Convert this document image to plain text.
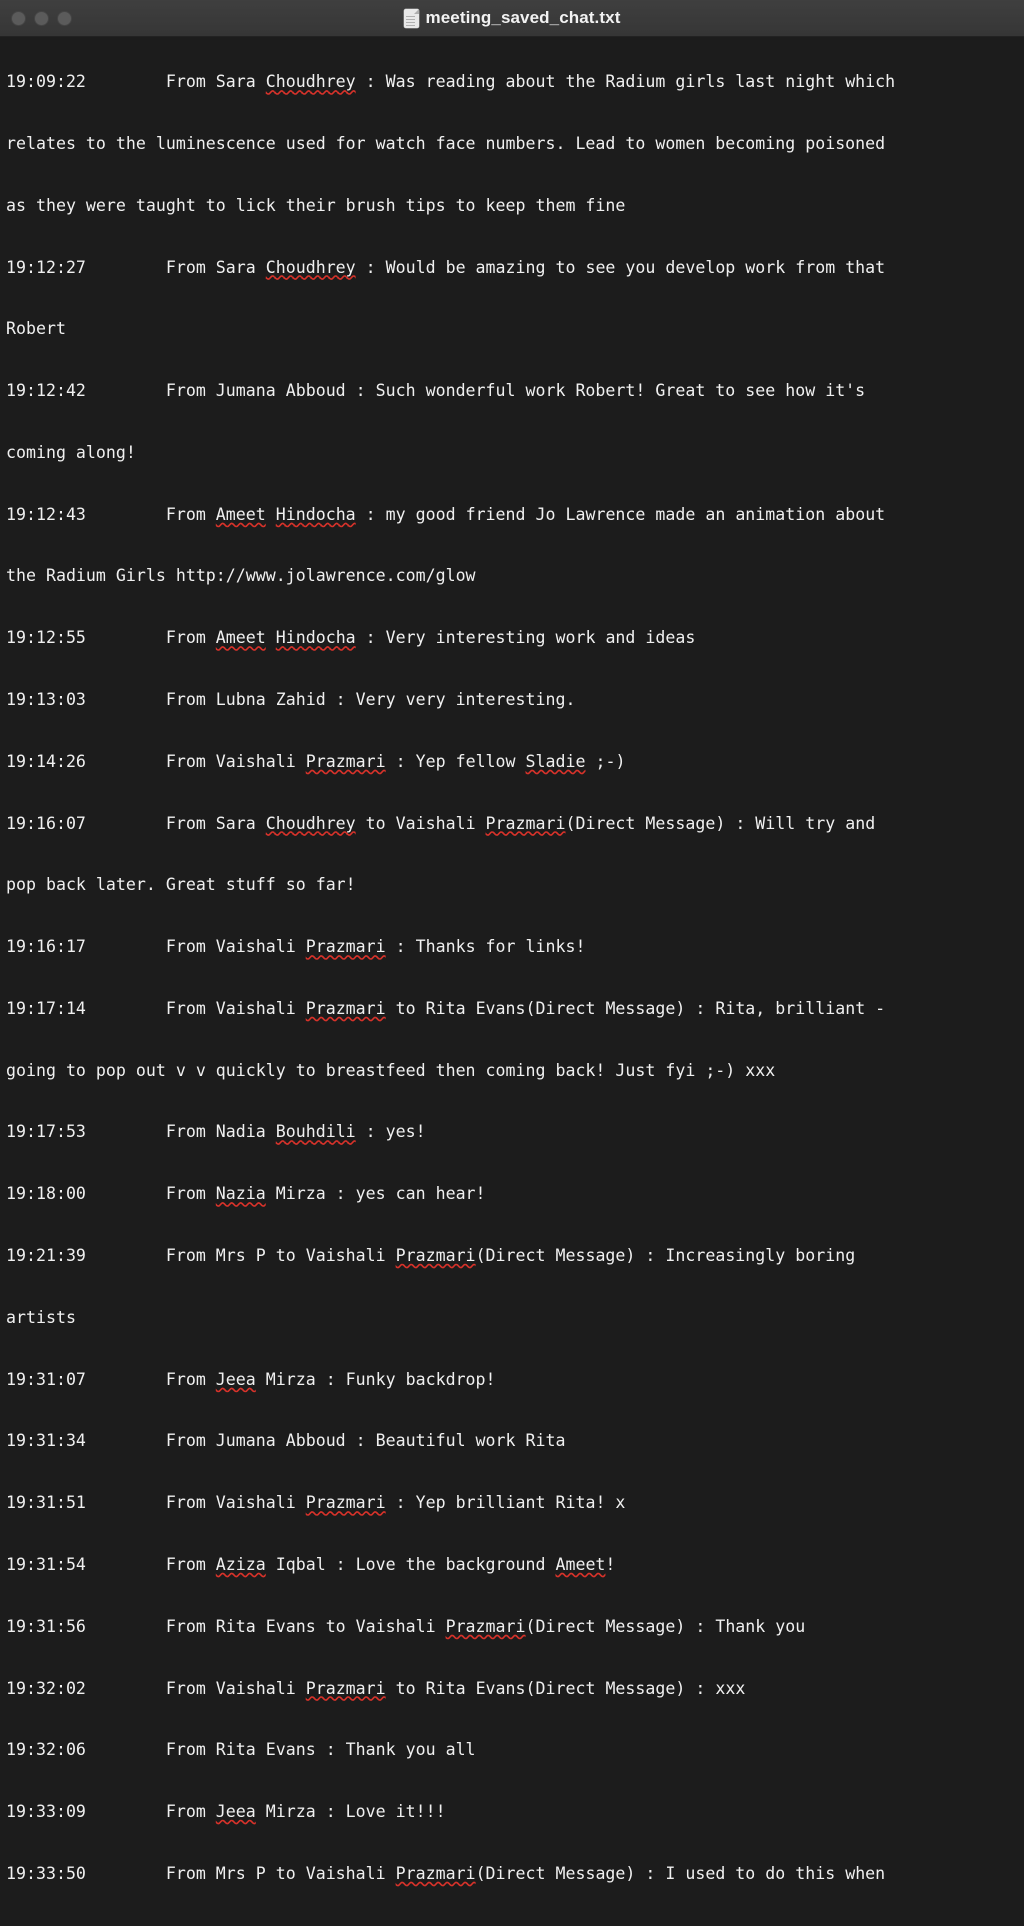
meeting_saved_chat.txt

19:09:22        From Sara Choudhrey : Was reading about the Radium girls last night which

relates to the luminescence used for watch face numbers. Lead to women becoming poisoned

as they were taught to lick their brush tips to keep them fine

19:12:27        From Sara Choudhrey : Would be amazing to see you develop work from that

Robert

19:12:42        From Jumana Abboud : Such wonderful work Robert! Great to see how it's

coming along!

19:12:43        From Ameet Hindocha : my good friend Jo Lawrence made an animation about

the Radium Girls http://www.jolawrence.com/glow

19:12:55        From Ameet Hindocha : Very interesting work and ideas

19:13:03        From Lubna Zahid : Very very interesting.

19:14:26        From Vaishali Prazmari : Yep fellow Sladie ;-)

19:16:07        From Sara Choudhrey to Vaishali Prazmari(Direct Message) : Will try and

pop back later. Great stuff so far!

19:16:17        From Vaishali Prazmari : Thanks for links!

19:17:14        From Vaishali Prazmari to Rita Evans(Direct Message) : Rita, brilliant -

going to pop out v v quickly to breastfeed then coming back! Just fyi ;-) xxx

19:17:53        From Nadia Bouhdili : yes!

19:18:00        From Nazia Mirza : yes can hear!

19:21:39        From Mrs P to Vaishali Prazmari(Direct Message) : Increasingly boring

artists

19:31:07        From Jeea Mirza : Funky backdrop!

19:31:34        From Jumana Abboud : Beautiful work Rita

19:31:51        From Vaishali Prazmari : Yep brilliant Rita! x

19:31:54        From Aziza Iqbal : Love the background Ameet!

19:31:56        From Rita Evans to Vaishali Prazmari(Direct Message) : Thank you

19:32:02        From Vaishali Prazmari to Rita Evans(Direct Message) : xxx

19:32:06        From Rita Evans : Thank you all

19:33:09        From Jeea Mirza : Love it!!!

19:33:50        From Mrs P to Vaishali Prazmari(Direct Message) : I used to do this when
